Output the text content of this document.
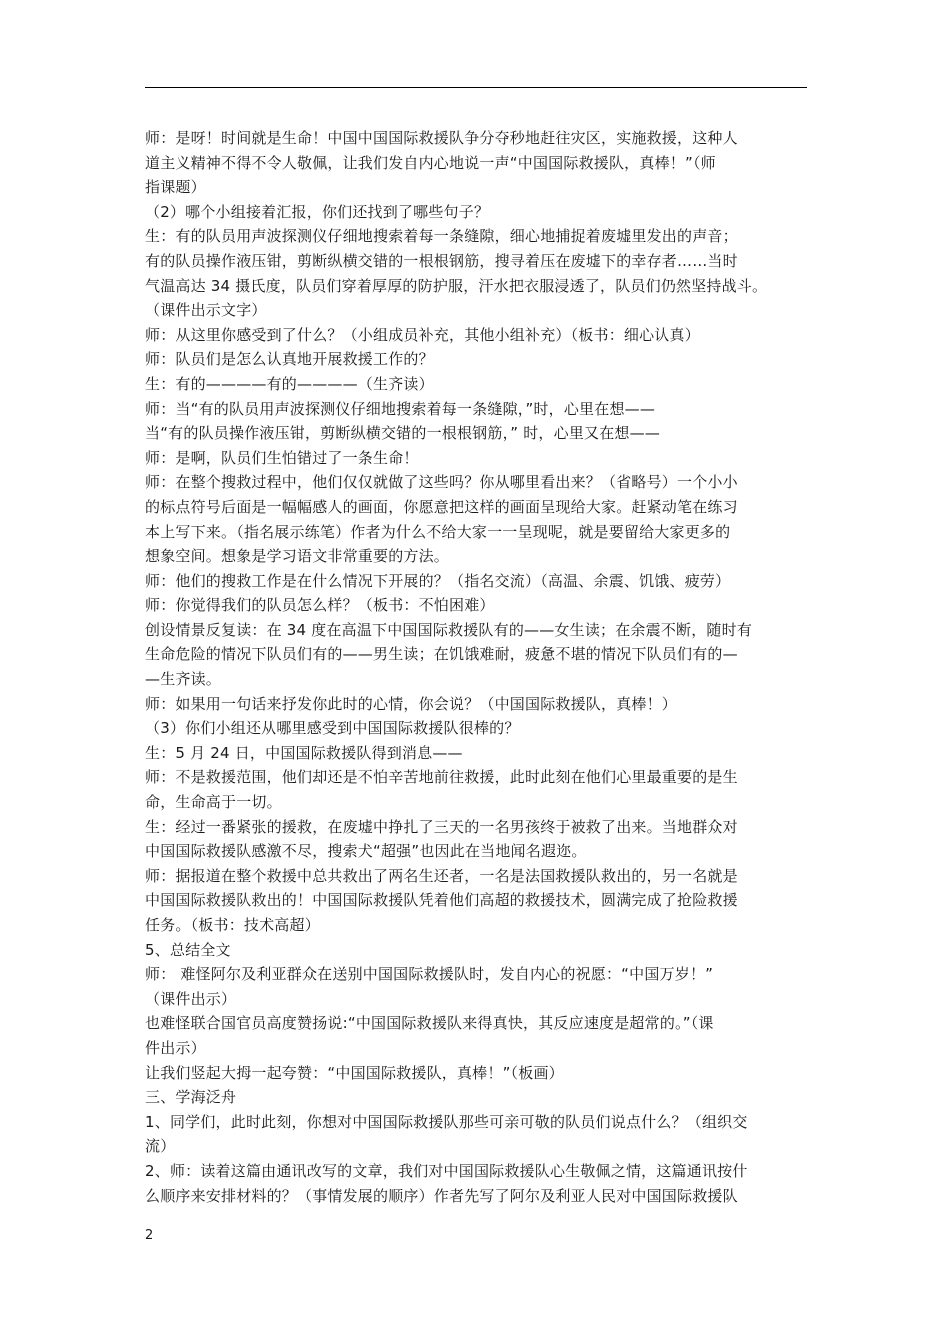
师：是呀！时间就是生命！中国中国国际救援队争分夺秒地赶往灾区，实施救援，这种人
道主义精神不得不令人敬佩，让我们发自内心地说一声“中国国际救援队，真棒！”（师
指课题）
（2）哪个小组接着汇报，你们还找到了哪些句子？
生：有的队员用声波探测仪仔细地搜索着每一条缝隙，细心地捕捉着废墟里发出的声音；
有的队员操作液压钳，剪断纵横交错的一根根钢筋，搜寻着压在废墟下的幸存者……当时
气温高达 34 摄氏度，队员们穿着厚厚的防护服，汗水把衣服浸透了，队员们仍然坚持战斗。
（课件出示文字）
师：从这里你感受到了什么？（小组成员补充，其他小组补充）（板书：细心认真）
师：队员们是怎么认真地开展救援工作的？
生：有的————有的————（生齐读）
师：当“有的队员用声波探测仪仔细地搜索着每一条缝隙，”时，心里在想——
当“有的队员操作液压钳，剪断纵横交错的一根根钢筋，” 时，心里又在想——
师：是啊，队员们生怕错过了一条生命！
师：在整个搜救过程中，他们仅仅就做了这些吗？你从哪里看出来？（省略号）一个小小
的标点符号后面是一幅幅感人的画面，你愿意把这样的画面呈现给大家。赶紧动笔在练习
本上写下来。（指名展示练笔）作者为什么不给大家一一呈现呢，就是要留给大家更多的
想象空间。想象是学习语文非常重要的方法。
师：他们的搜救工作是在什么情况下开展的？（指名交流）（高温、余震、饥饿、疲劳）
师：你觉得我们的队员怎么样？（板书：不怕困难）
创设情景反复读：在 34 度在高温下中国国际救援队有的——女生读；在余震不断，随时有
生命危险的情况下队员们有的——男生读；在饥饿难耐，疲惫不堪的情况下队员们有的—
—生齐读。
师：如果用一句话来抒发你此时的心情，你会说？（中国国际救援队，真棒！）
（3）你们小组还从哪里感受到中国国际救援队很棒的？
生：5 月 24 日，中国国际救援队得到消息——
师：不是救援范围，他们却还是不怕辛苦地前往救援，此时此刻在他们心里最重要的是生
命，生命高于一切。
生：经过一番紧张的援救，在废墟中挣扎了三天的一名男孩终于被救了出来。当地群众对
中国国际救援队感激不尽，搜索犬“超强”也因此在当地闻名遐迩。
师：据报道在整个救援中总共救出了两名生还者，一名是法国救援队救出的，另一名就是
中国国际救援队救出的！中国国际救援队凭着他们高超的救援技术，圆满完成了抢险救援
任务。（板书：技术高超）
5、总结全文
师： 难怪阿尔及利亚群众在送别中国国际救援队时，发自内心的祝愿：“中国万岁！”
（课件出示）
也难怪联合国官员高度赞扬说:“中国国际救援队来得真快，其反应速度是超常的。”（课
件出示）
让我们竖起大拇一起夸赞：“中国国际救援队，真棒！”（板画）
三、学海泛舟
1、同学们，此时此刻，你想对中国国际救援队那些可亲可敬的队员们说点什么？（组织交
流）
2、师：读着这篇由通讯改写的文章，我们对中国国际救援队心生敬佩之情，这篇通讯按什
么顺序来安排材料的？（事情发展的顺序）作者先写了阿尔及利亚人民对中国国际救援队
2
